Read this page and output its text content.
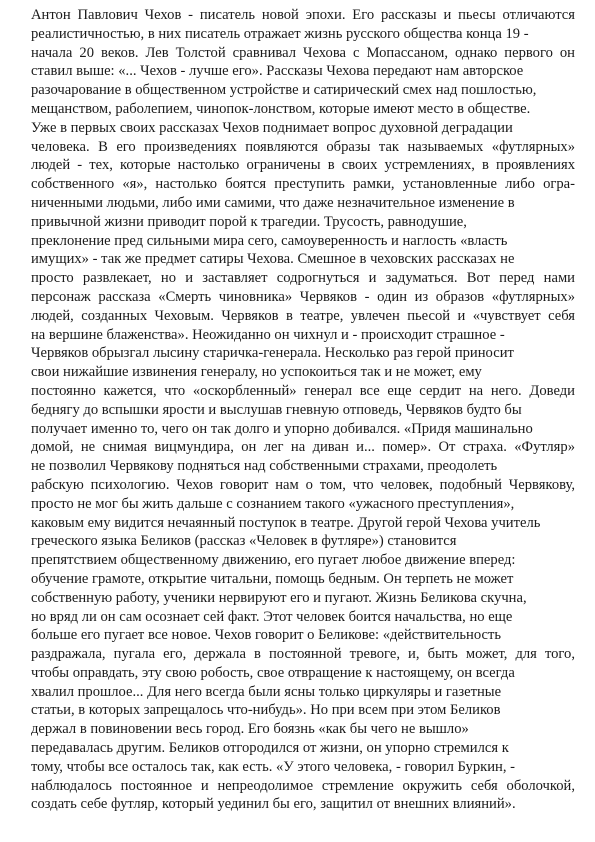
Антон Павлович Чехов - писатель новой эпохи. Его рассказы и пьесы отличаются
реалистичностью, в них писатель отражает жизнь русского общества конца 19 -
начала 20 веков. Лев Толстой сравнивал Чехова с Мопассаном, однако первого он
ставил выше: «... Чехов - лучше его». Рассказы Чехова передают нам авторское
разочарование в общественном устройстве и сатирический смех над пошлостью,
мещанством, раболепием, чинопок-лонством, которые имеют место в обществе.
Уже в первых своих рассказах Чехов поднимает вопрос духовной деградации
человека. В его произведениях появляются образы так называемых «футлярных»
людей - тех, которые настолько ограничены в своих устремлениях, в проявлениях
собственного «я», настолько боятся преступить рамки, установленные либо огра-
ниченными людьми, либо ими самими, что даже незначительное изменение в
привычной жизни приводит порой к трагедии. Трусость, равнодушие,
преклонение пред сильными мира сего, самоуверенность и наглость «власть
имущих» - так же предмет сатиры Чехова. Смешное в чеховских рассказах не
просто развлекает, но и заставляет содрогнуться и задуматься. Вот перед нами
персонаж рассказа «Смерть чиновника» Червяков - один из образов «футлярных»
людей, созданных Чеховым. Червяков в театре, увлечен пьесой и «чувствует себя
на вершине блаженства». Неожиданно он чихнул и - происходит страшное -
Червяков обрызгал лысину старичка-генерала. Несколько раз герой приносит
свои нижайшие извинения генералу, но успокоиться так и не может, ему
постоянно кажется, что «оскорбленный» генерал все еще сердит на него. Доведи
беднягу до вспышки ярости и выслушав гневную отповедь, Червяков будто бы
получает именно то, чего он так долго и упорно добивался. «Придя машинально
домой, не снимая вицмундира, он лег на диван и... помер». От страха. «Футляр»
не позволил Червякову подняться над собственными страхами, преодолеть
рабскую психологию. Чехов говорит нам о том, что человек, подобный Червякову,
просто не мог бы жить дальше с сознанием такого «ужасного преступления»,
каковым ему видится нечаянный поступок в театре. Другой герой Чехова учитель
греческого языка Беликов (рассказ «Человек в футляре») становится
препятствием общественному движению, его пугает любое движение вперед:
обучение грамоте, открытие читальни, помощь бедным. Он терпеть не может
собственную работу, ученики нервируют его и пугают. Жизнь Беликова скучна,
но вряд ли он сам осознает сей факт. Этот человек боится начальства, но еще
больше его пугает все новое. Чехов говорит о Беликове: «действительность
раздражала, пугала его, держала в постоянной тревоге, и, быть может, для того,
чтобы оправдать, эту свою робость, свое отвращение к настоящему, он всегда
хвалил прошлое... Для него всегда были ясны только циркуляры и газетные
статьи, в которых запрещалось что-нибудь». Но при всем при этом Беликов
держал в повиновении весь город. Его боязнь «как бы чего не вышло»
передавалась другим. Беликов отгородился от жизни, он упорно стремился к
тому, чтобы все осталось так, как есть. «У этого человека, - говорил Буркин, -
наблюдалось постоянное и непреодолимое стремление окружить себя оболочкой,
создать себе футляр, который уединил бы его, защитил от внешних влияний».
